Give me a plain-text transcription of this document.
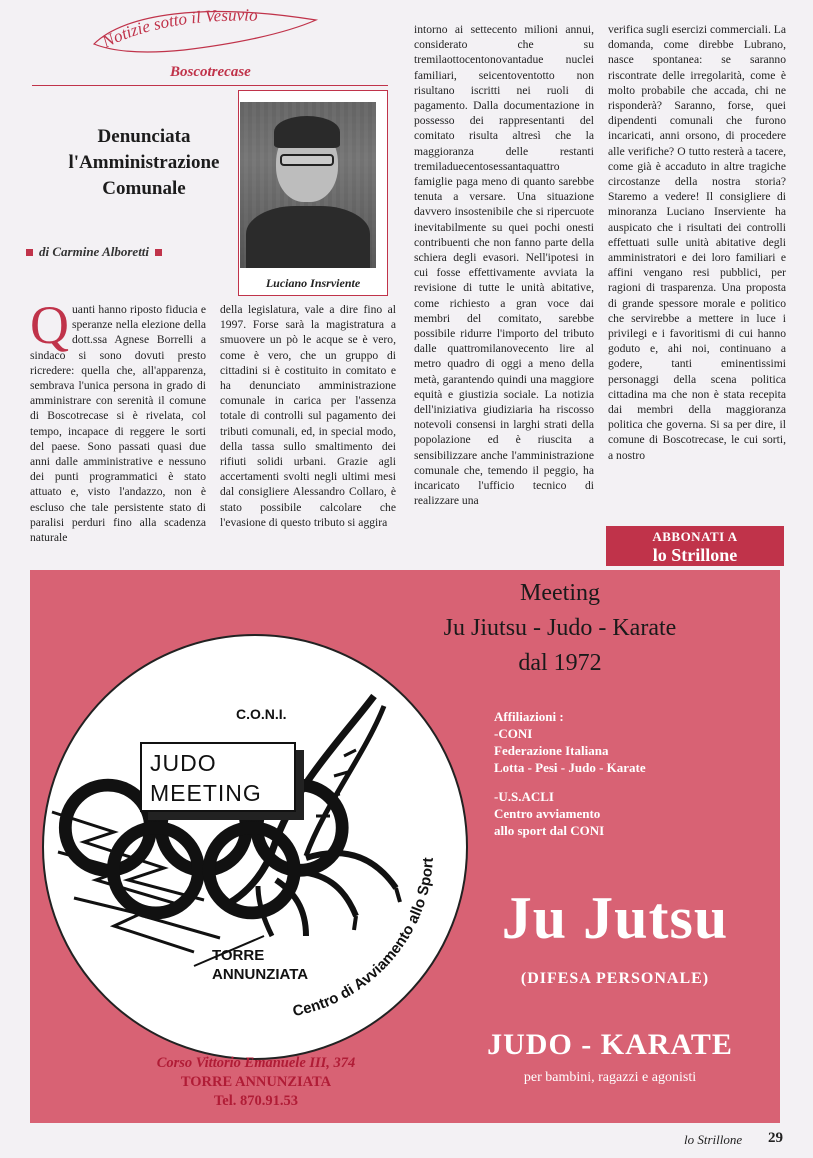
Notizie sotto il Vesuvio
Boscotrecase
Denunciata
l'Amministrazione
Comunale
di Carmine Alboretti
Luciano Insrviente
Q uanti hanno riposto fiducia e speranze nella elezione della dott.ssa Agnese Borrelli a sindaco si sono dovuti presto ricredere: quella che, all'apparenza, sembrava l'unica persona in grado di amministrare con serenità il comune di Boscotrecase si è rivelata, col tempo, incapace di reggere le sorti del paese. Sono passati quasi due anni dalle amministrative e nessuno dei punti programmatici è stato attuato e, visto l'andazzo, non è escluso che tale persistente stato di paralisi perduri fino alla scadenza naturale
della legislatura, vale a dire fino al 1997. Forse sarà la magistratura a smuovere un pò le acque se è vero, come è vero, che un gruppo di cittadini si è costituito in comitato e ha denunciato amministrazione comunale in carica per l'assenza totale di controlli sul pagamento dei tributi comunali, ed, in special modo, della tassa sullo smaltimento dei rifiuti solidi urbani. Grazie agli accertamenti svolti negli ultimi mesi dal consigliere Alessandro Collaro, è stato possibile calcolare che l'evasione di questo tributo si aggira
intorno ai settecento milioni annui, considerato che su tremilaottocentonovantadue nuclei familiari, seicentoventotto non risultano iscritti nei ruoli di pagamento. Dalla documentazione in possesso dei rappresentanti del comitato risulta altresì che la maggioranza delle restanti tremiladuecentosessantaquattro famiglie paga meno di quanto sarebbe tenuta a versare. Una situazione davvero insostenibile che si ripercuote inevitabilmente su quei pochi onesti contribuenti che non fanno parte della schiera degli evasori. Nell'ipotesi in cui fosse effettivamente avviata la revisione di tutte le unità abitative, come richiesto a gran voce dai membri del comitato, sarebbe possibile ridurre l'importo del tributo dalle quattromilanovecento lire al metro quadro di oggi a meno della metà, garantendo quindi una maggiore equità e giustizia sociale. La notizia dell'iniziativa giudiziaria ha riscosso notevoli consensi in larghi strati della popolazione ed è riuscita a sensibilizzare anche l'amministrazione comunale che, temendo il peggio, ha incaricato l'ufficio tecnico di realizzare una
verifica sugli esercizi commerciali. La domanda, come direbbe Lubrano, nasce spontanea: se saranno riscontrate delle irregolarità, come è molto probabile che accada, chi ne risponderà? Saranno, forse, quei dipendenti comunali che furono incaricati, anni orsono, di procedere alle verifiche? O tutto resterà a tacere, come già è accaduto in altre tragiche circostanze della nostra storia? Staremo a vedere! Il consigliere di minoranza Luciano Inserviente ha auspicato che i risultati dei controlli effettuati sulle unità abitative degli amministratori e dei loro familiari e affini vengano resi pubblici, per ragioni di trasparenza. Una proposta di grande spessore morale e politico che servirebbe a mettere in luce i privilegi e i favoritismi di cui hanno goduto e, ahi noi, continuano a godere, tanti eminentissimi personaggi della scena politica cittadina ma che non è stata recepita dai membri della maggioranza politica che governa. Si sa per dire, il comune di Boscotrecase, le cui sorti, a nostro
ABBONATI A
lo Strillone
C.O.N.I.
JUDO
MEETING
TORRE
ANNUNZIATA
Centro di Avviamento allo Sport
Meeting
Ju Jiutsu - Judo - Karate
dal 1972
Affiliazioni :
-CONI
Federazione Italiana
Lotta - Pesi - Judo - Karate
-U.S.ACLI
Centro avviamento
allo sport dal CONI
Ju Jutsu
(DIFESA PERSONALE)
JUDO - KARATE
per bambini, ragazzi e agonisti
Corso Vittorio Emanuele III, 374
TORRE ANNUNZIATA
Tel. 870.91.53
lo Strillone 29
